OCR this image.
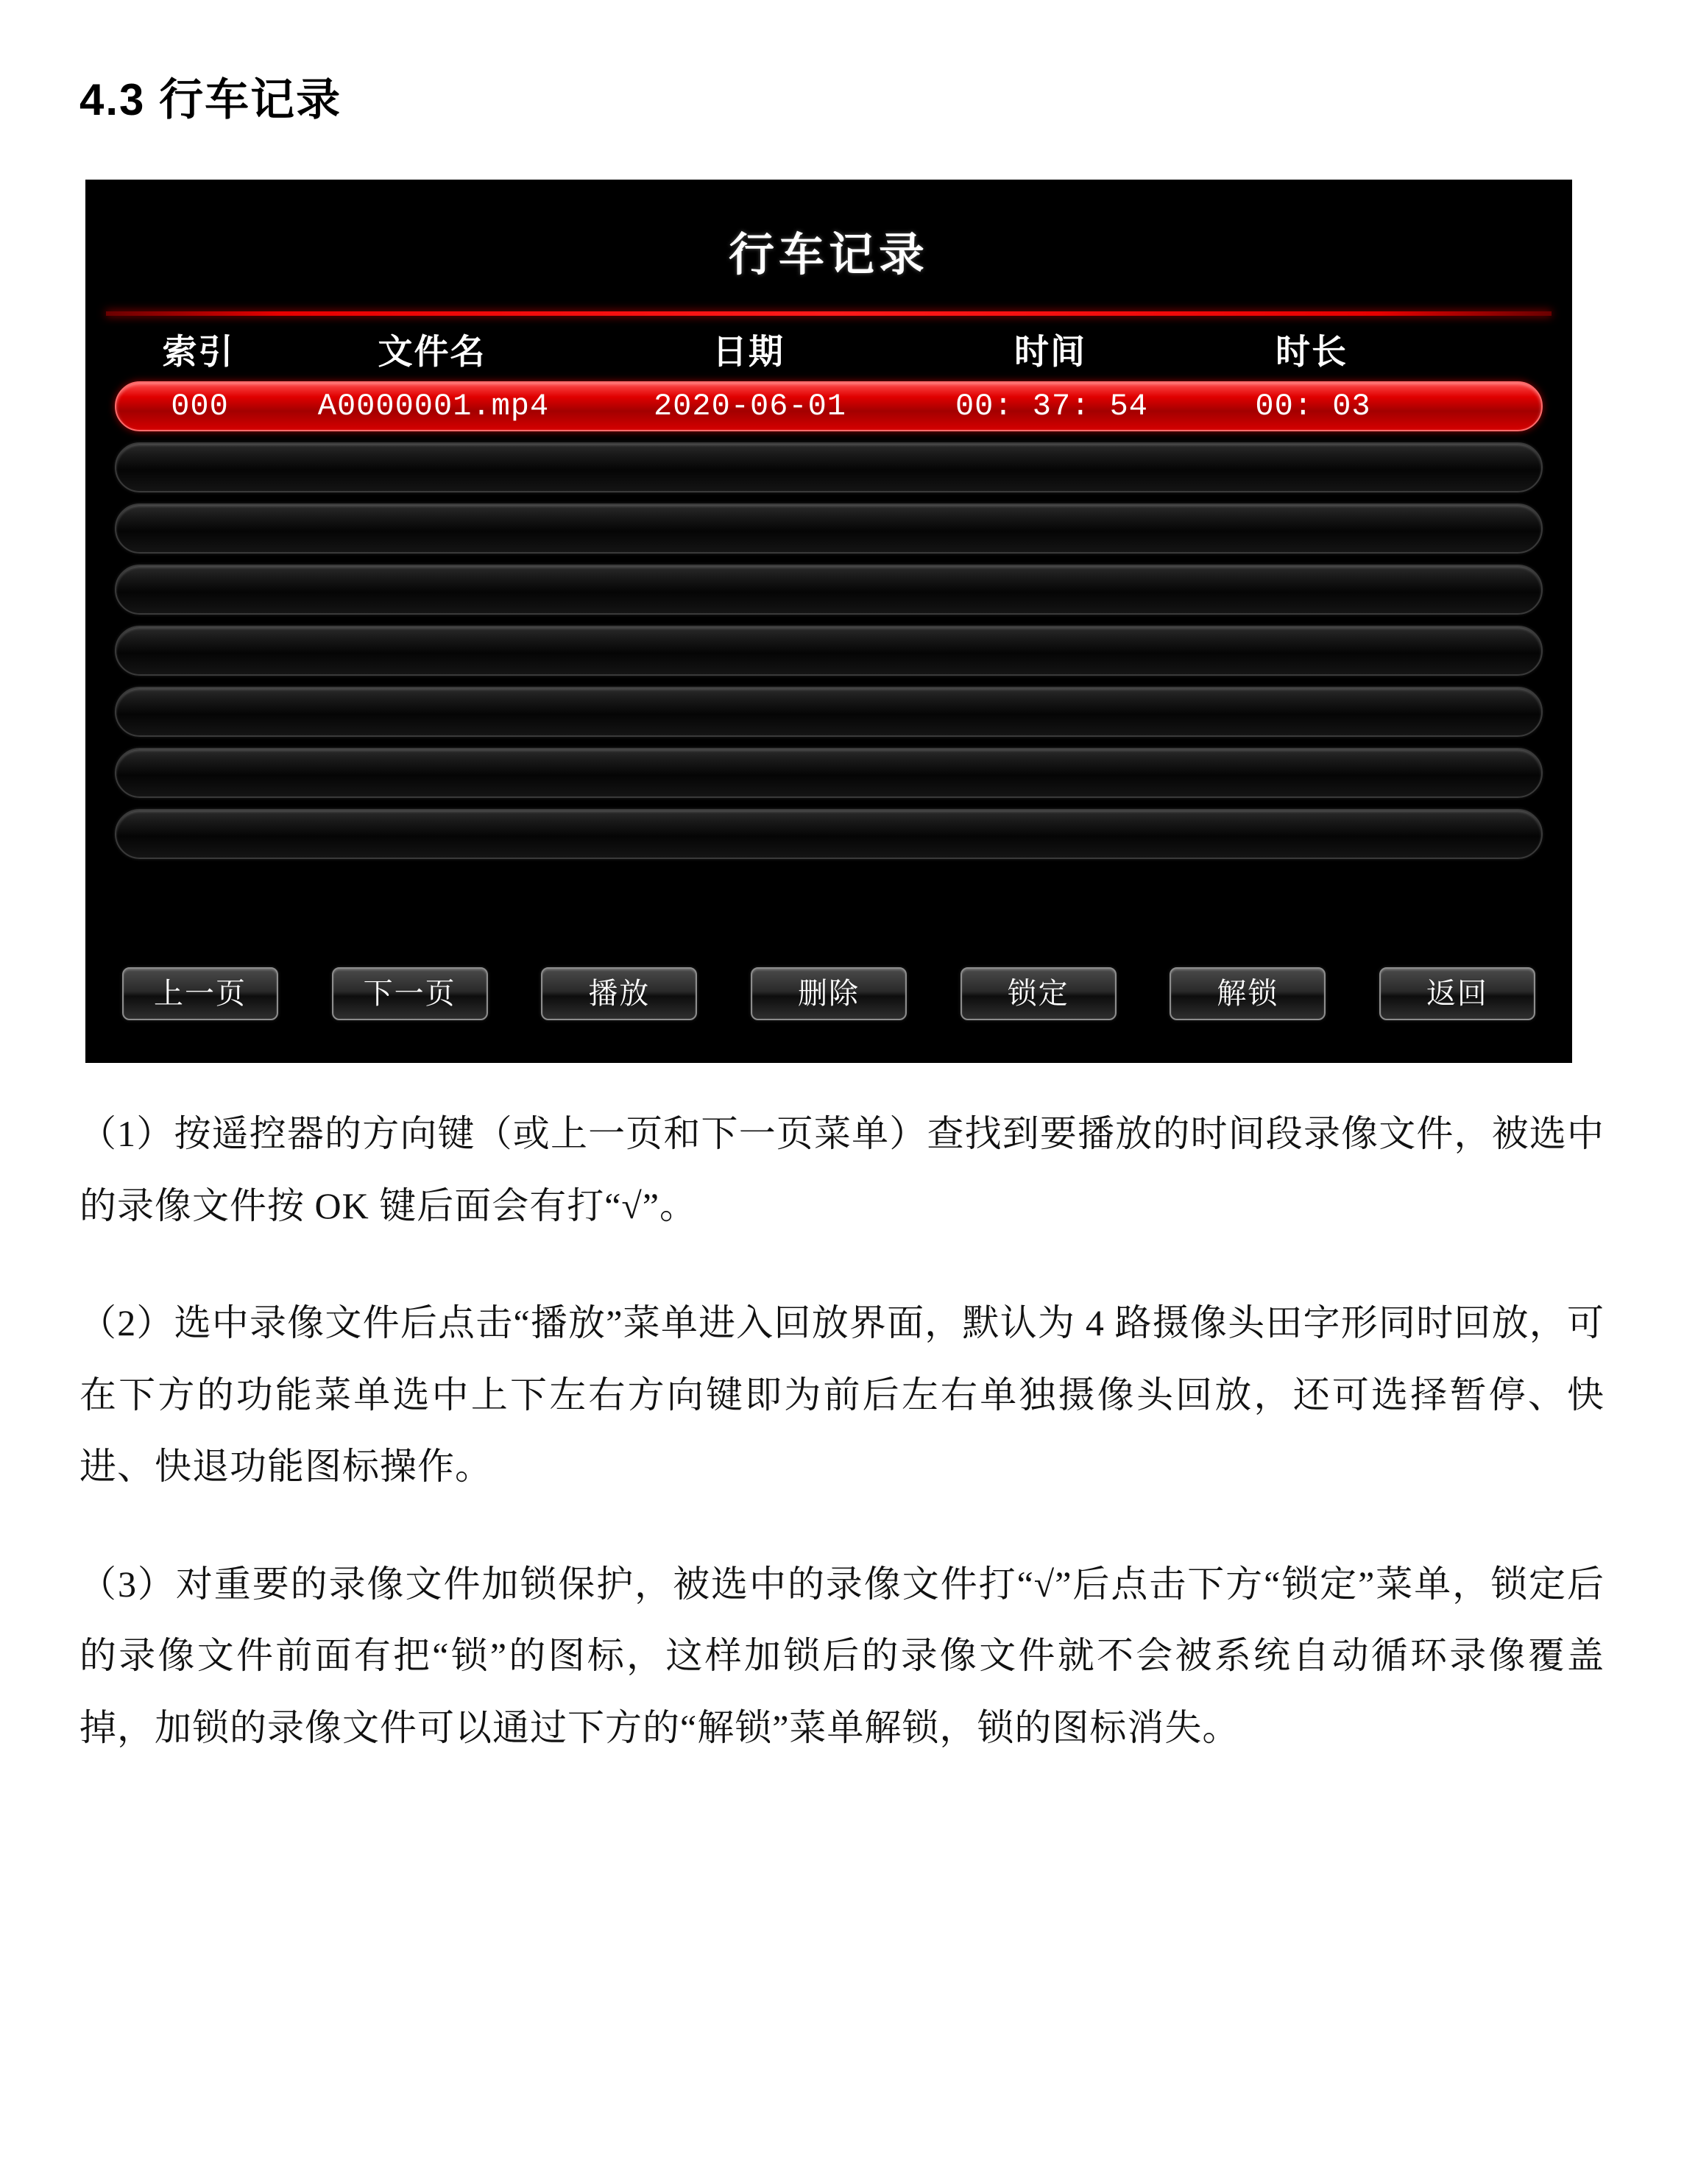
4.3 行车记录
行车记录
索引	文件名	日期	时间	时长
000	A0000001.mp4	2020-06-01	00: 37: 54	00: 03
上一页	下一页	播放	删除	锁定	解锁	返回

（1）按遥控器的方向键（或上一页和下一页菜单）查找到要播放的时间段录像文件，被选中的录像文件按 OK 键后面会有打“√”。

（2）选中录像文件后点击“播放”菜单进入回放界面，默认为 4 路摄像头田字形同时回放，可在下方的功能菜单选中上下左右方向键即为前后左右单独摄像头回放，还可选择暂停、快进、快退功能图标操作。

（3）对重要的录像文件加锁保护，被选中的录像文件打“√”后点击下方“锁定”菜单，锁定后的录像文件前面有把“锁”的图标，这样加锁后的录像文件就不会被系统自动循环录像覆盖掉，加锁的录像文件可以通过下方的“解锁”菜单解锁，锁的图标消失。
